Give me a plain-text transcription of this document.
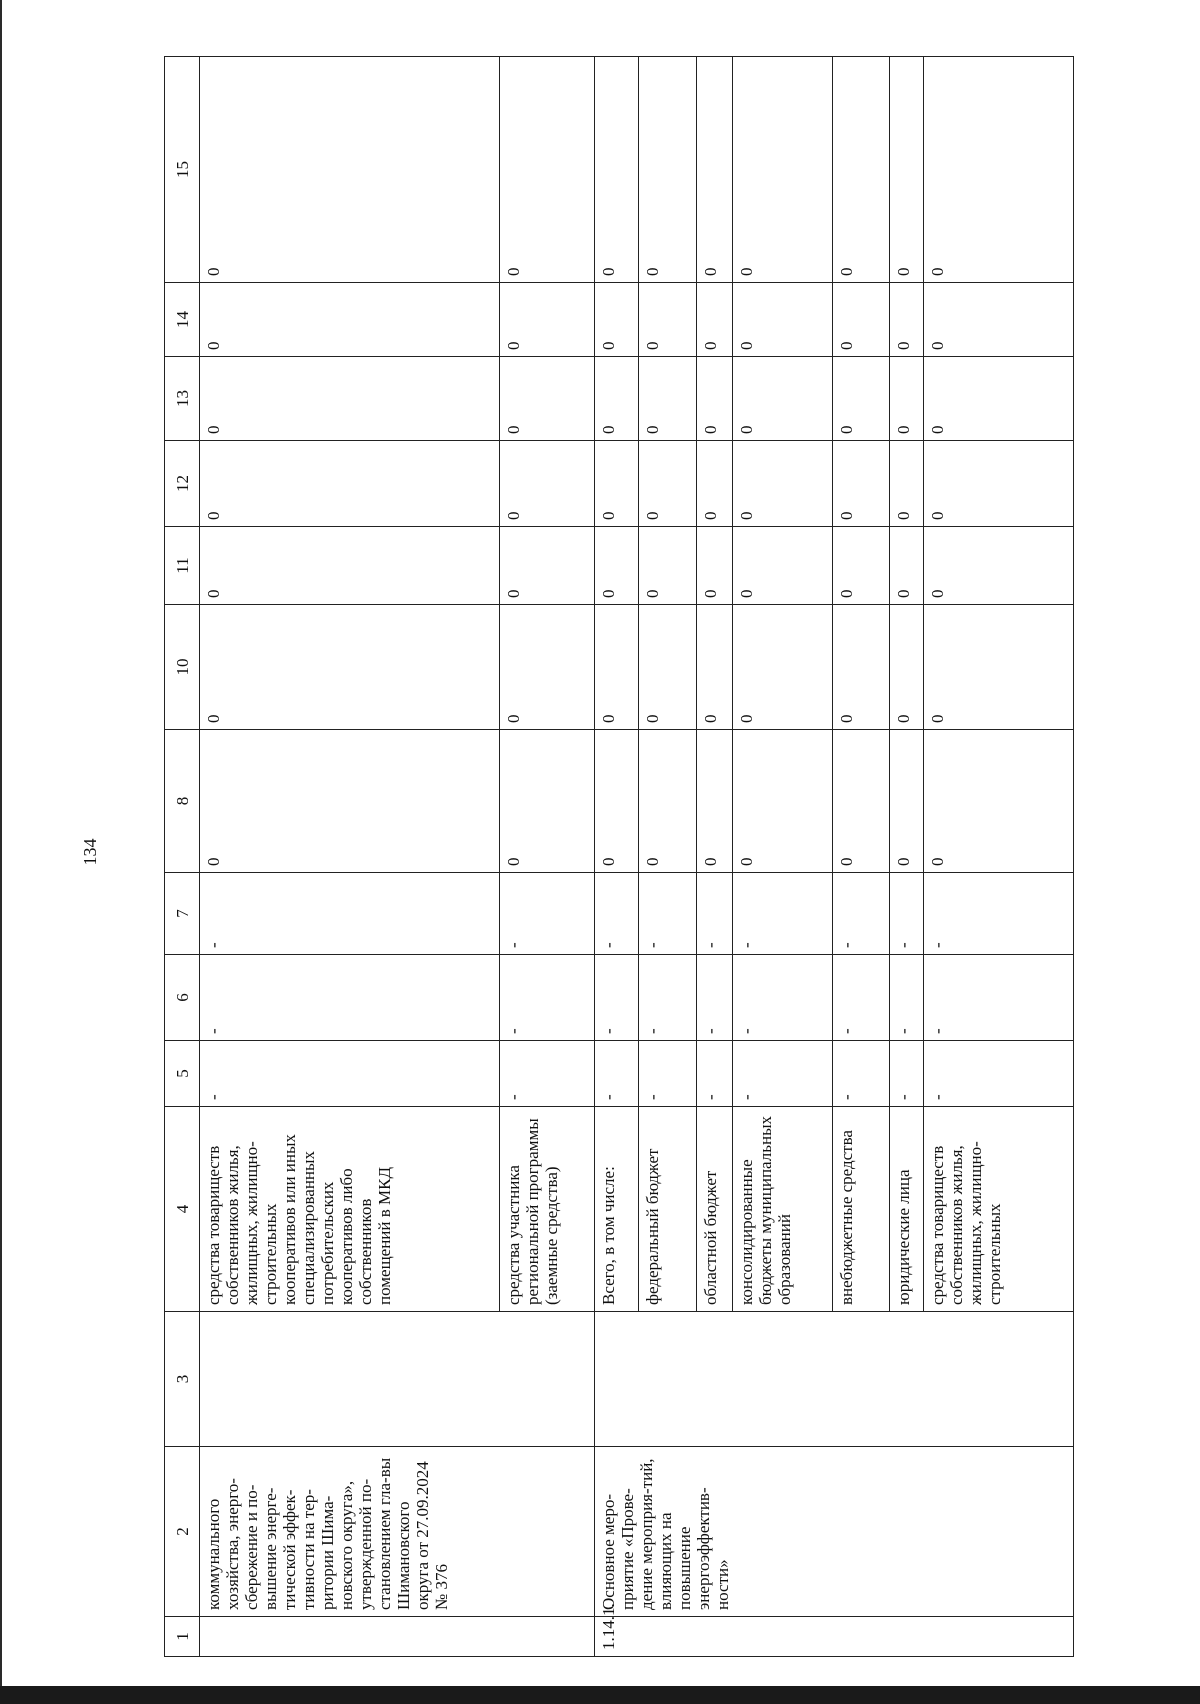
134
1	2	3	4	5	6	7	8	10	11	12	13	14	15
	коммунального хозяйства, энерго-сбережение и по-вышение энерге-тической эффек-тивности на тер-ритории Шима-новского округа», утвержденной по-становлением гла-вы Шимановского округа от 27.09.2024 № 376		средства товариществ собственников жилья, жилищных, жилищно-строительных кооперативов или иных специализированных потребительских кооперативов либо собственников помещений в МКД	-	-	-	0	0	0	0	0	0	0
			средства участника региональной программы (заемные средства)	-	-	-	0	0	0	0	0	0	0
1.14.1.	Основное меро-приятие «Прове-дение мероприя-тий, влияющих на повышение энергоэффектив-ности»		Всего, в том числе:	-	-	-	0	0	0	0	0	0	0
			федеральный бюджет	-	-	-	0	0	0	0	0	0	0
			областной бюджет	-	-	-	0	0	0	0	0	0	0
			консолидированные бюджеты муниципальных образований	-	-	-	0	0	0	0	0	0	0
			внебюджетные средства	-	-	-	0	0	0	0	0	0	0
			юридические лица	-	-	-	0	0	0	0	0	0	0
			средства товариществ собственников жилья, жилищных, жилищно-строительных	-	-	-	0	0	0	0	0	0	0
